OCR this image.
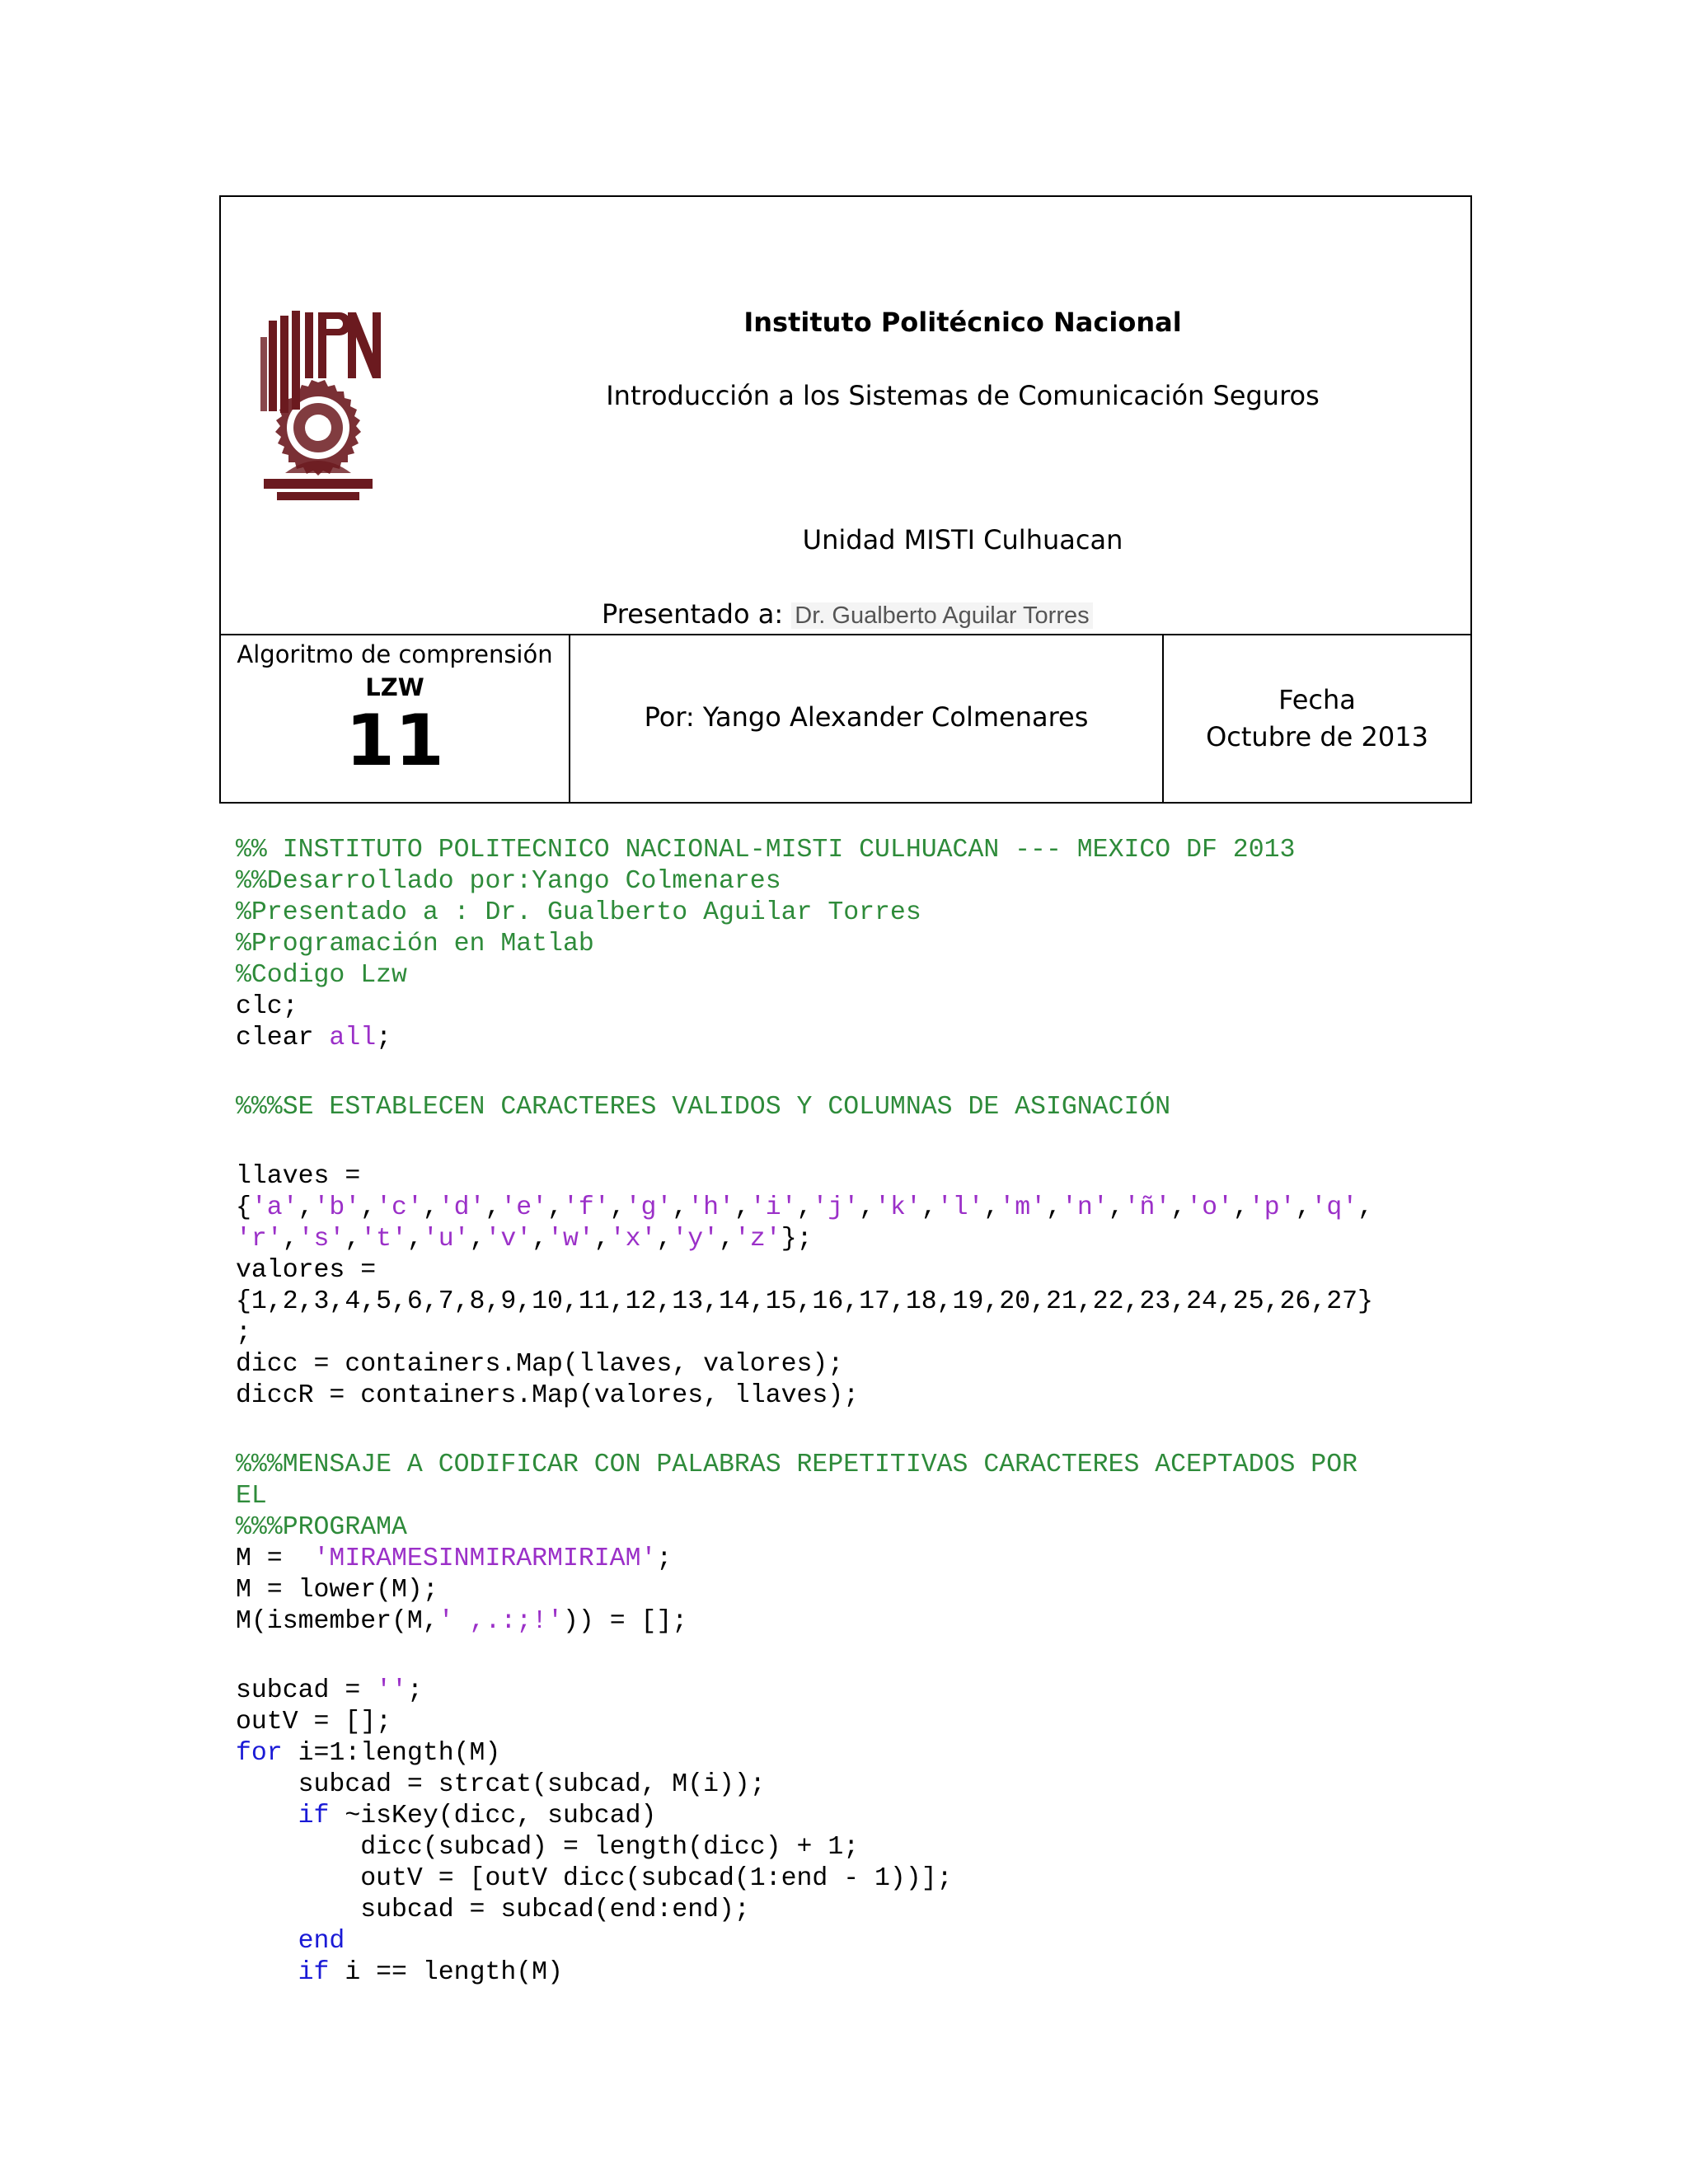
Instituto Politécnico Nacional
Introducción a los Sistemas de Comunicación Seguros
Unidad MISTI Culhuacan
Presentado a: Dr. Gualberto Aguilar Torres
Algoritmo de comprensión
LZW
11	Por: Yango Alexander Colmenares
Fecha
Octubre de 2013
%% INSTITUTO POLITECNICO NACIONAL-MISTI CULHUACAN --- MEXICO DF 2013
%%Desarrollado por:Yango Colmenares
%Presentado a : Dr. Gualberto Aguilar Torres
%Programación en Matlab
%Codigo Lzw
clc;
clear all;
%%%SE ESTABLECEN CARACTERES VALIDOS Y COLUMNAS DE ASIGNACIÓN
llaves =
{'a','b','c','d','e','f','g','h','i','j','k','l','m','n','ñ','o','p','q',
'r','s','t','u','v','w','x','y','z'};
valores =
{1,2,3,4,5,6,7,8,9,10,11,12,13,14,15,16,17,18,19,20,21,22,23,24,25,26,27}
;
dicc = containers.Map(llaves, valores);
diccR = containers.Map(valores, llaves);
%%%MENSAJE A CODIFICAR CON PALABRAS REPETITIVAS CARACTERES ACEPTADOS POR
EL
%%%PROGRAMA
M =  'MIRAMESINMIRARMIRIAM';
M = lower(M);
M(ismember(M,' ,.:;!')) = [];
subcad = '';
outV = [];
for i=1:length(M)
subcad = strcat(subcad, M(i));
if ~isKey(dicc, subcad)
dicc(subcad) = length(dicc) + 1;
outV = [outV dicc(subcad(1:end - 1))];
subcad = subcad(end:end);
end
if i == length(M)
